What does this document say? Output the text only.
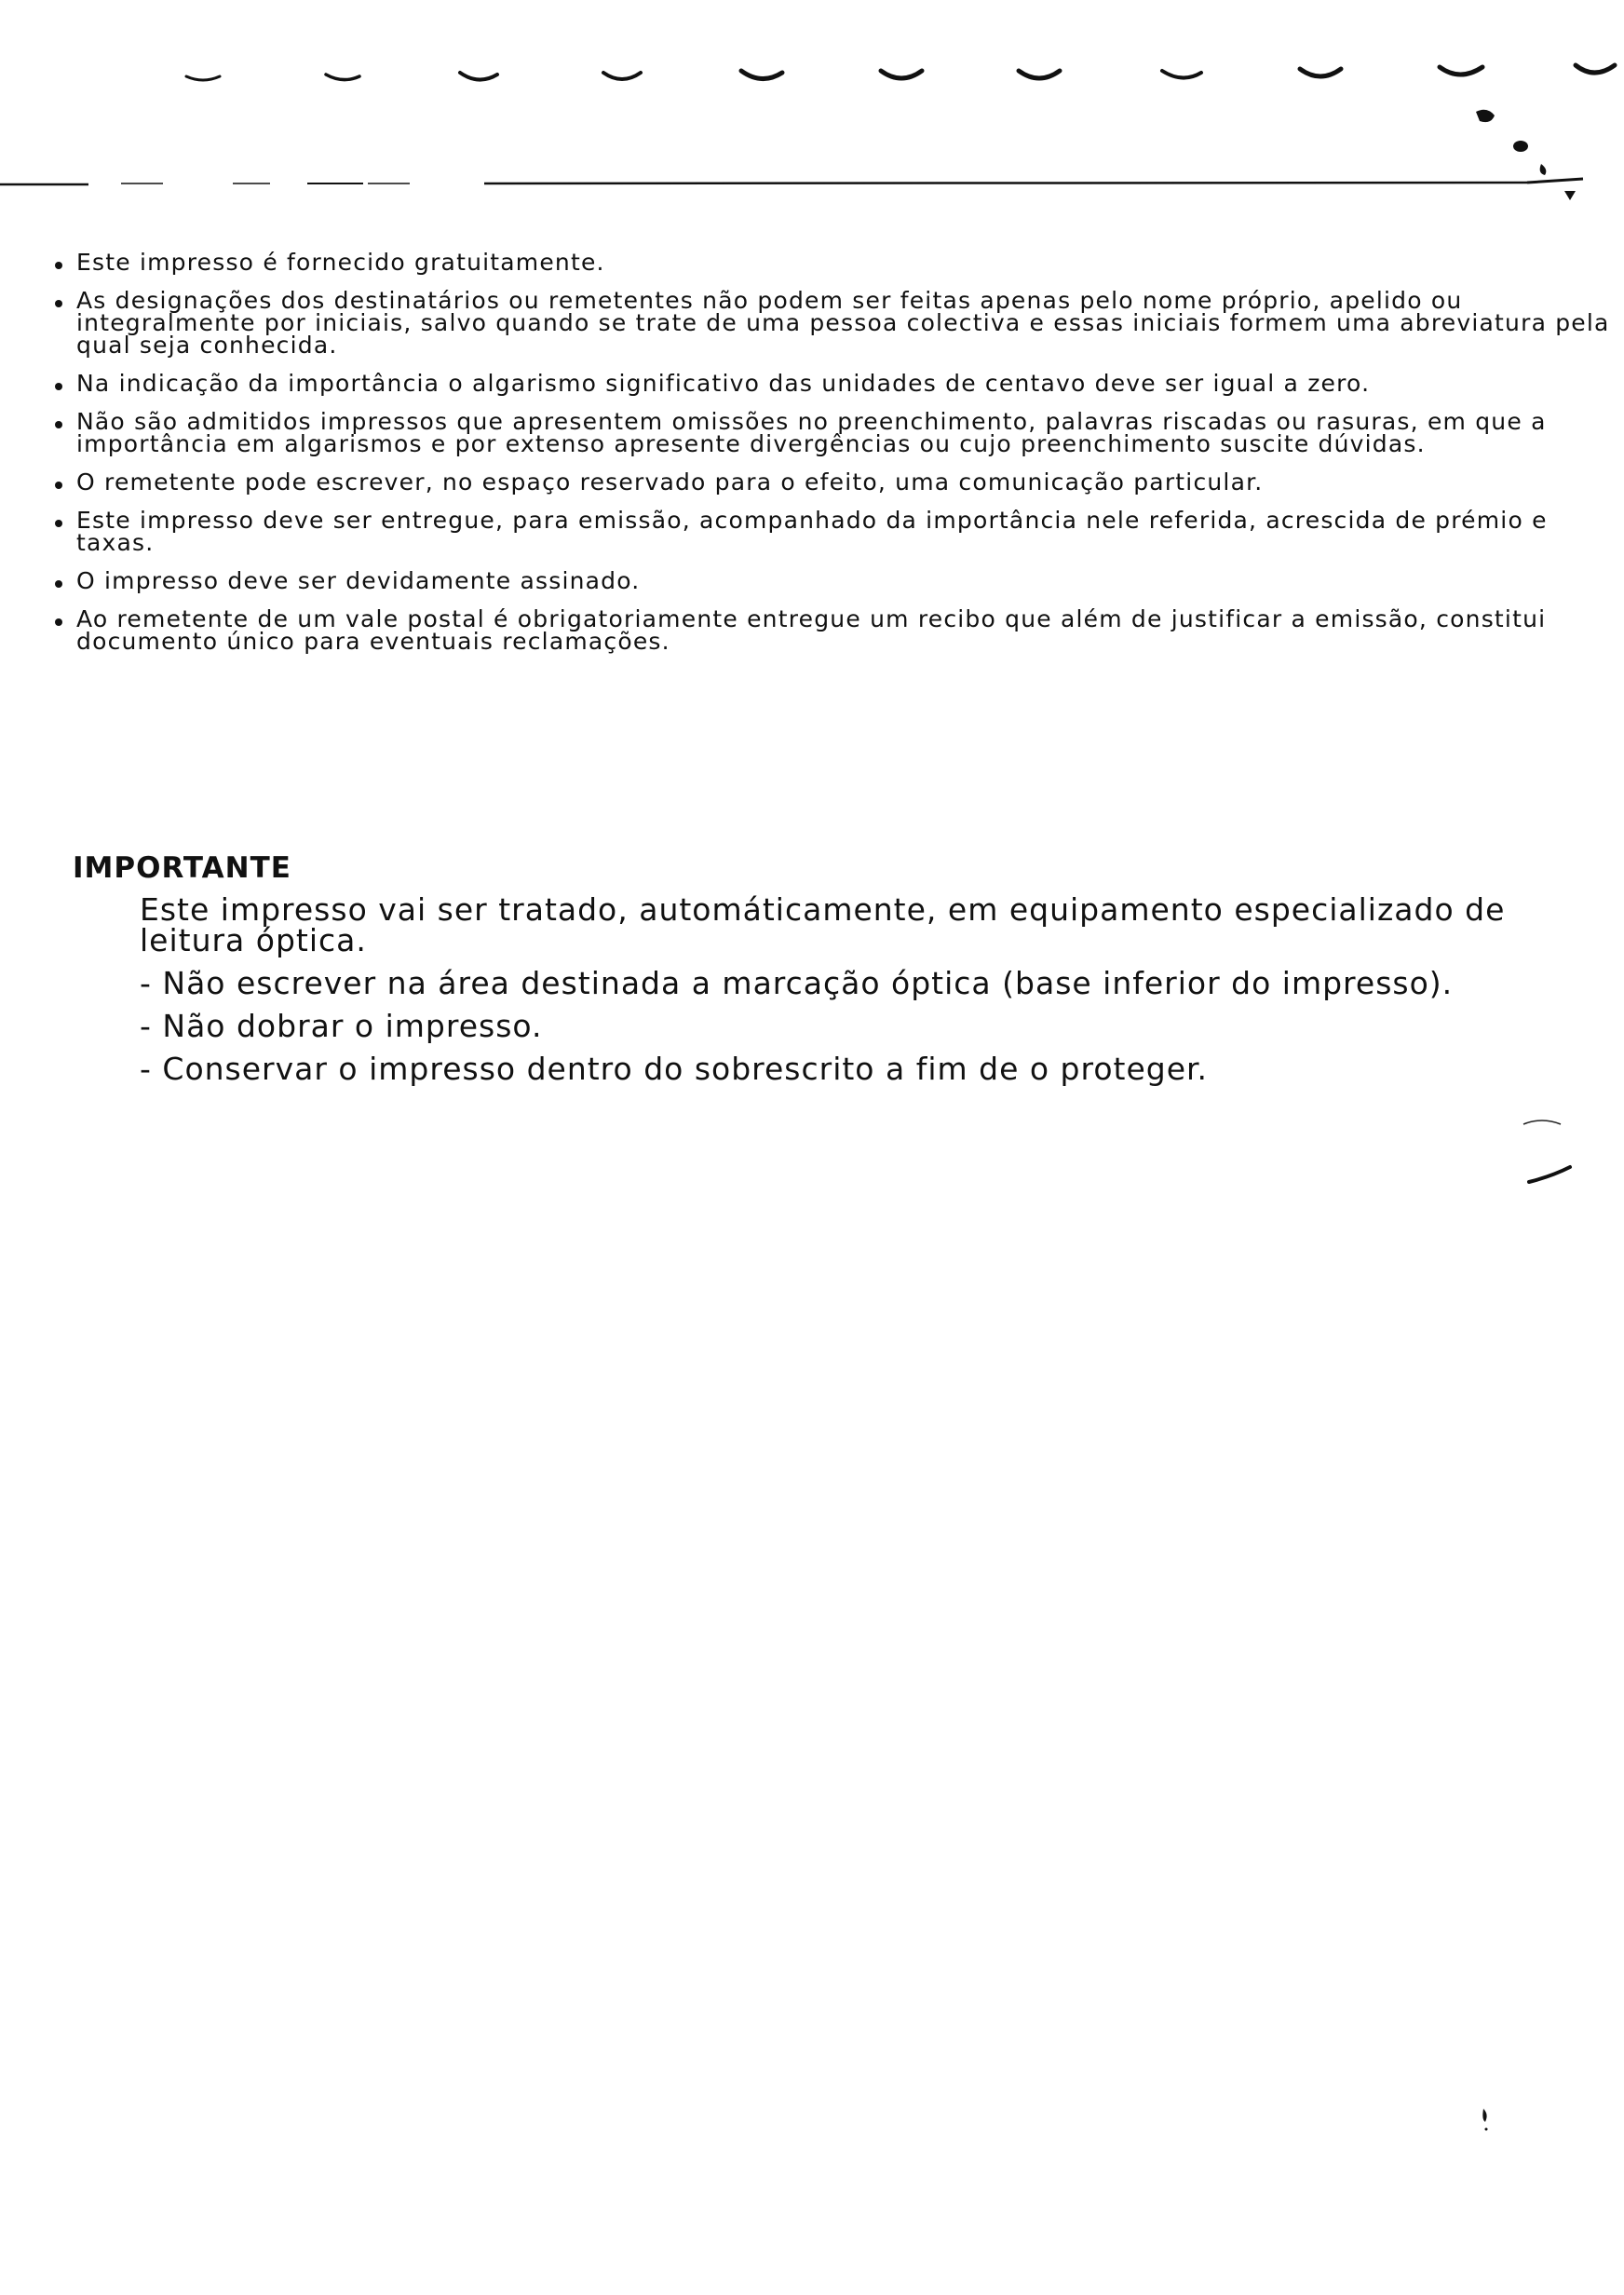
Este impresso é fornecido gratuitamente.
As designações dos destinatários ou remetentes não podem ser feitas apenas pelo nome próprio, apelido ou integralmente por iniciais, salvo quando se trate de uma pessoa colectiva e essas iniciais formem uma abreviatura pela qual seja conhecida.
Na indicação da importância o algarismo significativo das unidades de centavo deve ser igual a zero.
Não são admitidos impressos que apresentem omissões no preenchimento, palavras riscadas ou rasuras, em que a importância em algarismos e por extenso apresente divergências ou cujo preenchimento suscite dúvidas.
O remetente pode escrever, no espaço reservado para o efeito, uma comunicação particular.
Este impresso deve ser entregue, para emissão, acompanhado da importância nele referida, acrescida de prémio e taxas.
O impresso deve ser devidamente assinado.
Ao remetente de um vale postal é obrigatoriamente entregue um recibo que além de justificar a emissão, constitui documento único para eventuais reclamações.
IMPORTANTE

Este impresso vai ser tratado, automáticamente, em equipamento especializado de leitura óptica.

- Não escrever na área destinada a marcação óptica (base inferior do impresso).

- Não dobrar o impresso.

- Conservar o impresso dentro do sobrescrito a fim de o proteger.
